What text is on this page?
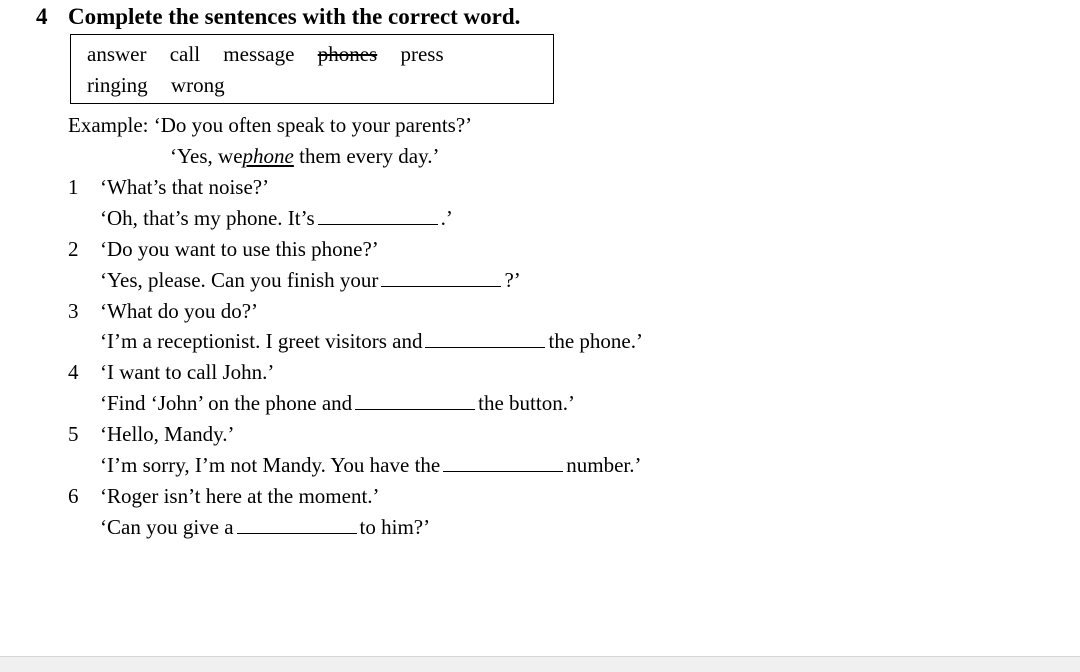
4 Complete the sentences with the correct word.
answer call message phones press
ringing wrong
Example: ‘Do you often speak to your parents?’
‘Yes, wephone them every day.’
1 ‘What’s that noise?’
‘Oh, that’s my phone. It’s	.’
2 ‘Do you want to use this phone?’
‘Yes, please. Can you finish your	?’
3 ‘What do you do?’
‘I’m a receptionist. I greet visitors and	the phone.’
4 ‘I want to call John.’
‘Find ‘John’ on the phone and	the button.’
5 ‘Hello, Mandy.’
‘I’m sorry, I’m not Mandy. You have the	number.’
6 ‘Roger isn’t here at the moment.’
‘Can you give a	to him?’
